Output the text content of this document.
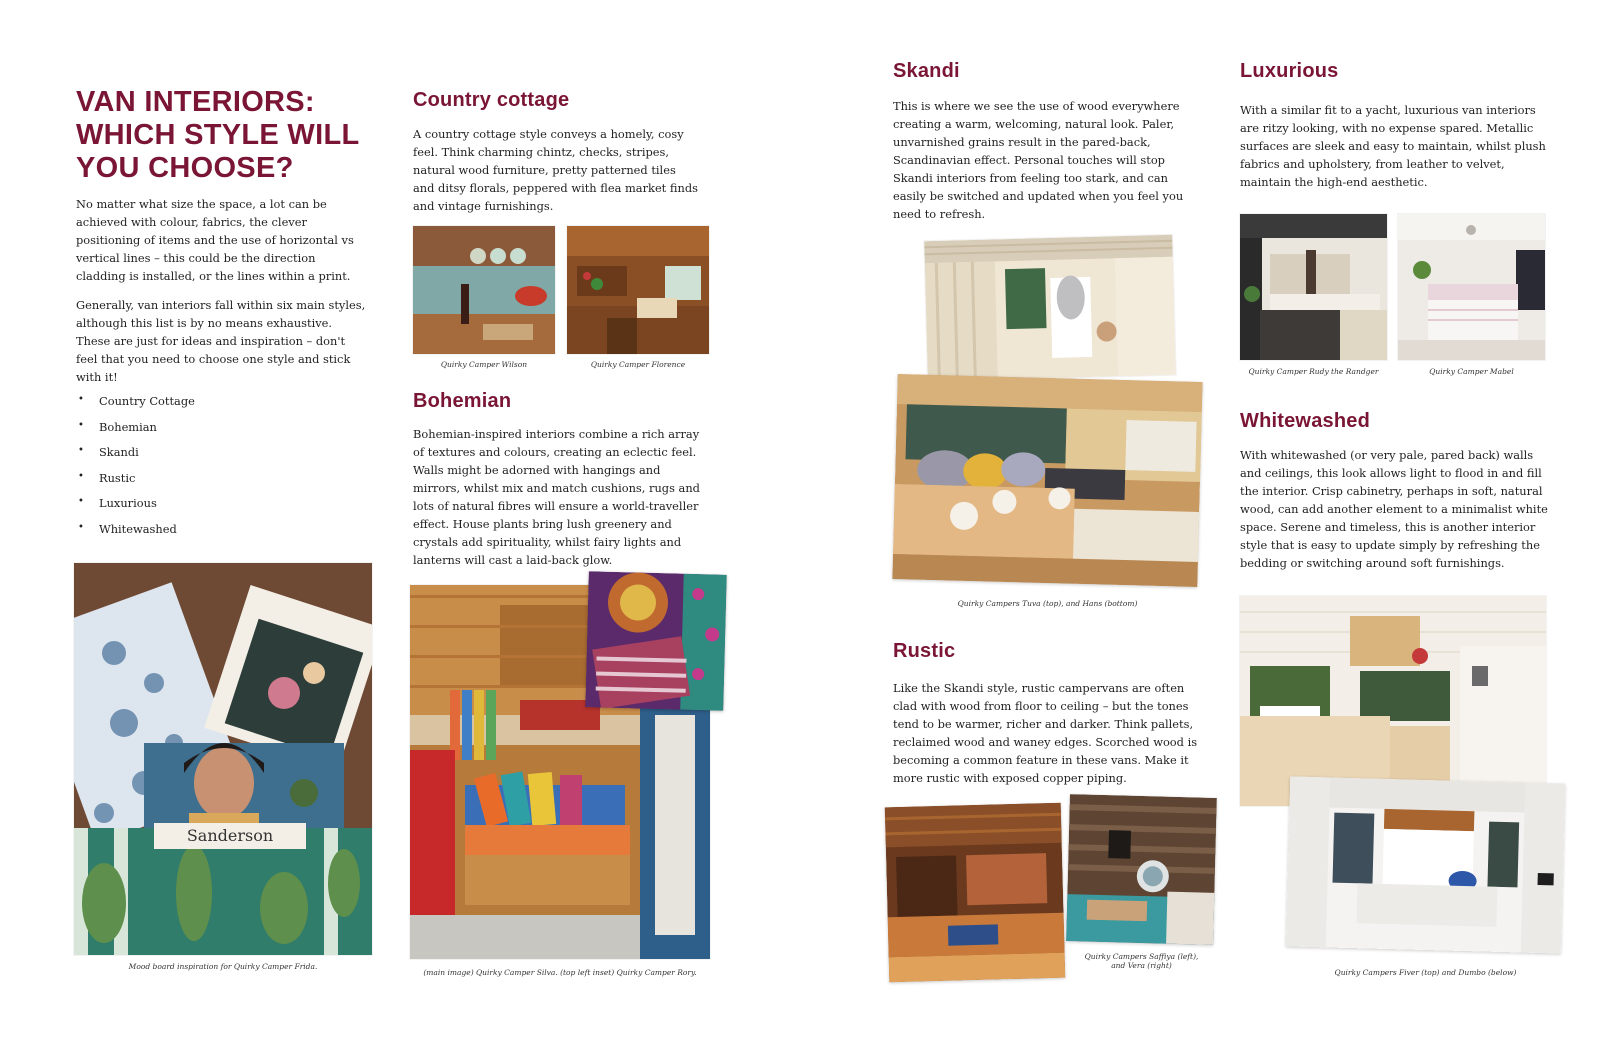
VAN INTERIORS:
WHICH STYLE WILL
YOU CHOOSE?

No matter what size the space, a lot can be achieved with colour, fabrics, the clever positioning of items and the use of horizontal vs vertical lines – this could be the direction cladding is installed, or the lines within a print.

Generally, van interiors fall within six main styles, although this list is by no means exhaustive. These are just for ideas and inspiration – don't feel that you need to choose one style and stick with it!

• Country Cottage
• Bohemian
• Skandi
• Rustic
• Luxurious
• Whitewashed
Sanderson

Mood board inspiration for Quirky Camper Frida.

Country cottage

A country cottage style conveys a homely, cosy feel. Think charming chintz, checks, stripes, natural wood furniture, pretty patterned tiles and ditsy florals, peppered with flea market finds and vintage furnishings.

Quirky Camper Wilson	Quirky Camper Florence

Bohemian

Bohemian-inspired interiors combine a rich array of textures and colours, creating an eclectic feel. Walls might be adorned with hangings and mirrors, whilst mix and match cushions, rugs and lots of natural fibres will ensure a world-traveller effect. House plants bring lush greenery and crystals add spirituality, whilst fairy lights and lanterns will cast a laid-back glow.

(main image) Quirky Camper Silva. (top left inset) Quirky Camper Rory.

Skandi

This is where we see the use of wood everywhere creating a warm, welcoming, natural look. Paler, unvarnished grains result in the pared-back, Scandinavian effect. Personal touches will stop Skandi interiors from feeling too stark, and can easily be switched and updated when you feel you need to refresh.

Quirky Campers Tuva (top), and Hans (bottom)

Rustic

Like the Skandi style, rustic campervans are often clad with wood from floor to ceiling – but the tones tend to be warmer, richer and darker. Think pallets, reclaimed wood and waney edges. Scorched wood is becoming a common feature in these vans. Make it more rustic with exposed copper piping.

Quirky Campers Saffiya (left),
and Vera (right)

Luxurious

With a similar fit to a yacht, luxurious van interiors are ritzy looking, with no expense spared. Metallic surfaces are sleek and easy to maintain, whilst plush fabrics and upholstery, from leather to velvet, maintain the high-end aesthetic.

Quirky Camper Rudy the Randger	Quirky Camper Mabel

Whitewashed

With whitewashed (or very pale, pared back) walls and ceilings, this look allows light to flood in and fill the interior. Crisp cabinetry, perhaps in soft, natural wood, can add another element to a minimalist white space. Serene and timeless, this is another interior style that is easy to update simply by refreshing the bedding or switching around soft furnishings.

Quirky Campers Fiver (top) and Dumbo (below)
